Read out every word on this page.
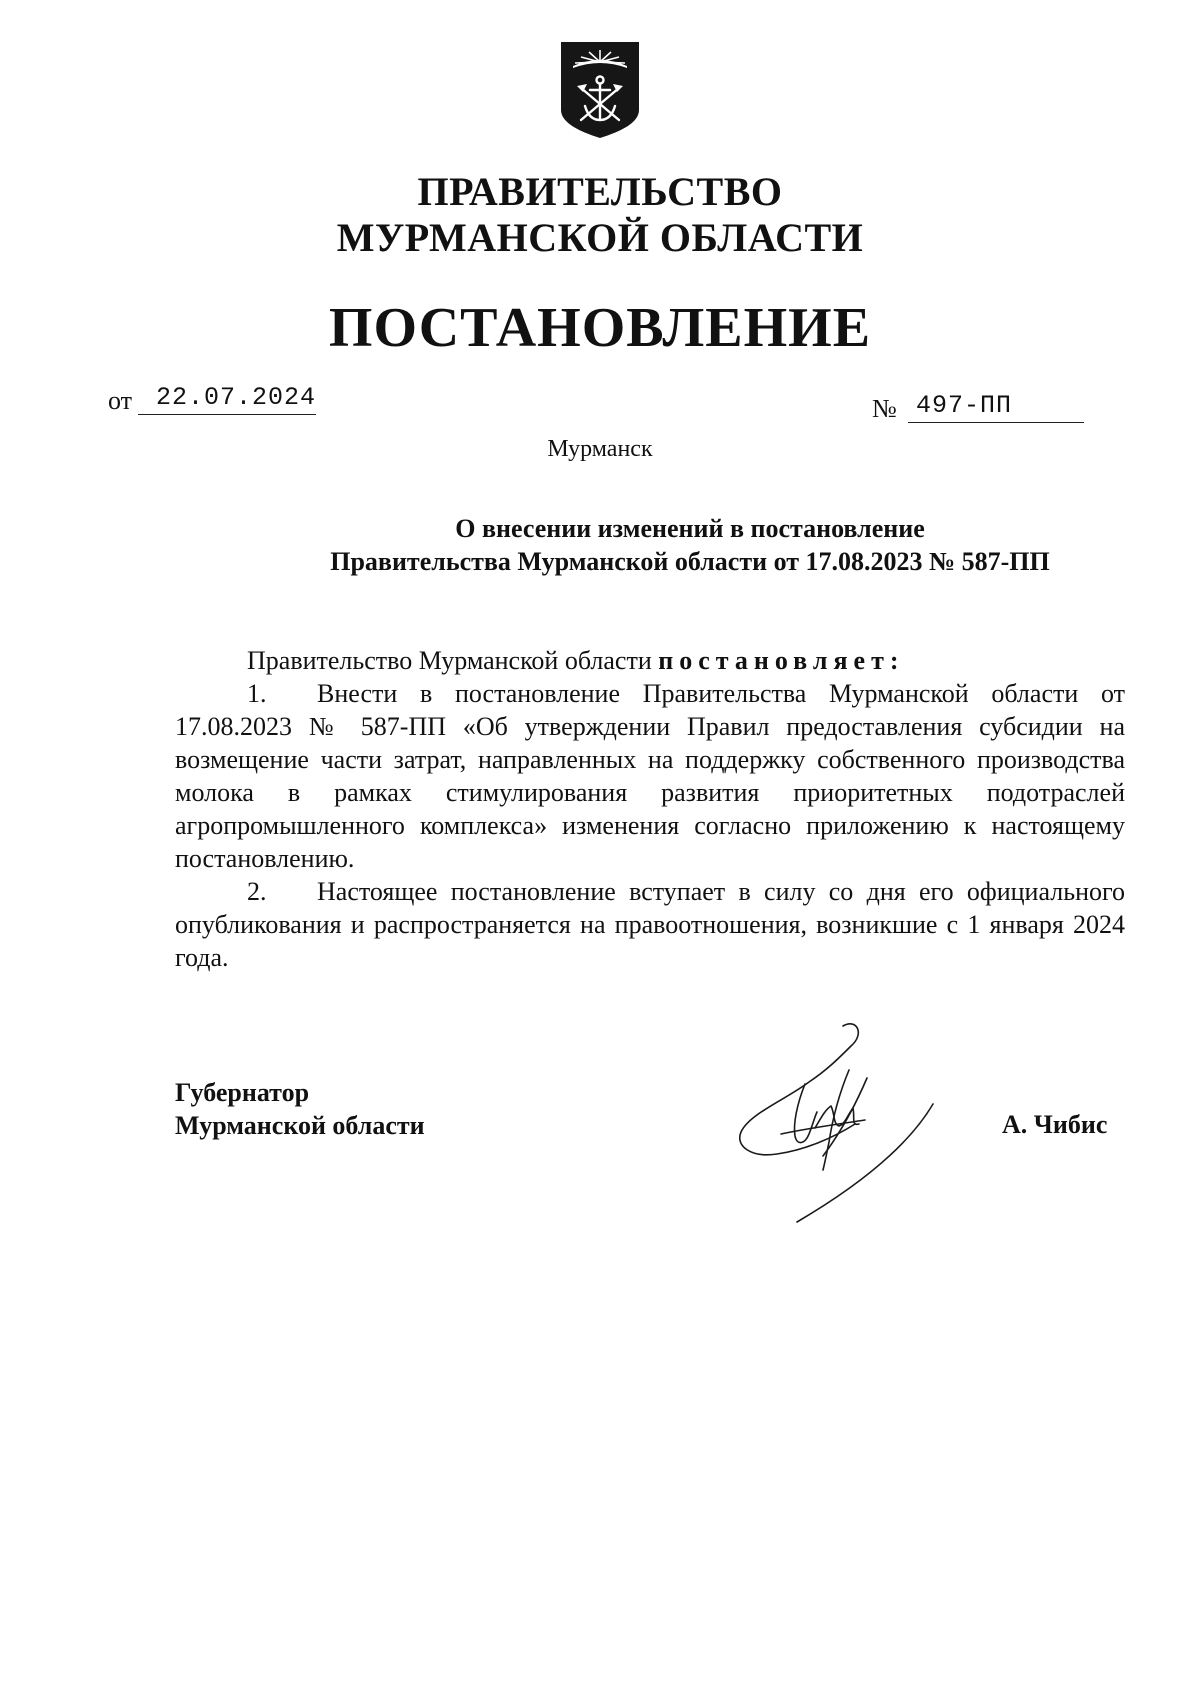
ПРАВИТЕЛЬСТВО
МУРМАНСКОЙ ОБЛАСТИ
ПОСТАНОВЛЕНИЕ
от 22.07.2024	№ 497-ПП
Мурманск
О внесении изменений в постановление
Правительства Мурманской области от 17.08.2023 № 587-ПП

Правительство Мурманской области постановляет:

1. Внести в постановление Правительства Мурманской области от 17.08.2023 № 587-ПП «Об утверждении Правил предоставления субсидии на возмещение части затрат, направленных на поддержку собственного производства молока в рамках стимулирования развития приоритетных подотраслей агропромышленного комплекса» изменения согласно приложению к настоящему постановлению.

2. Настоящее постановление вступает в силу со дня его официального опубликования и распространяется на правоотношения, возникшие с 1 января 2024 года.

Губернатор
Мурманской области	А. Чибис
